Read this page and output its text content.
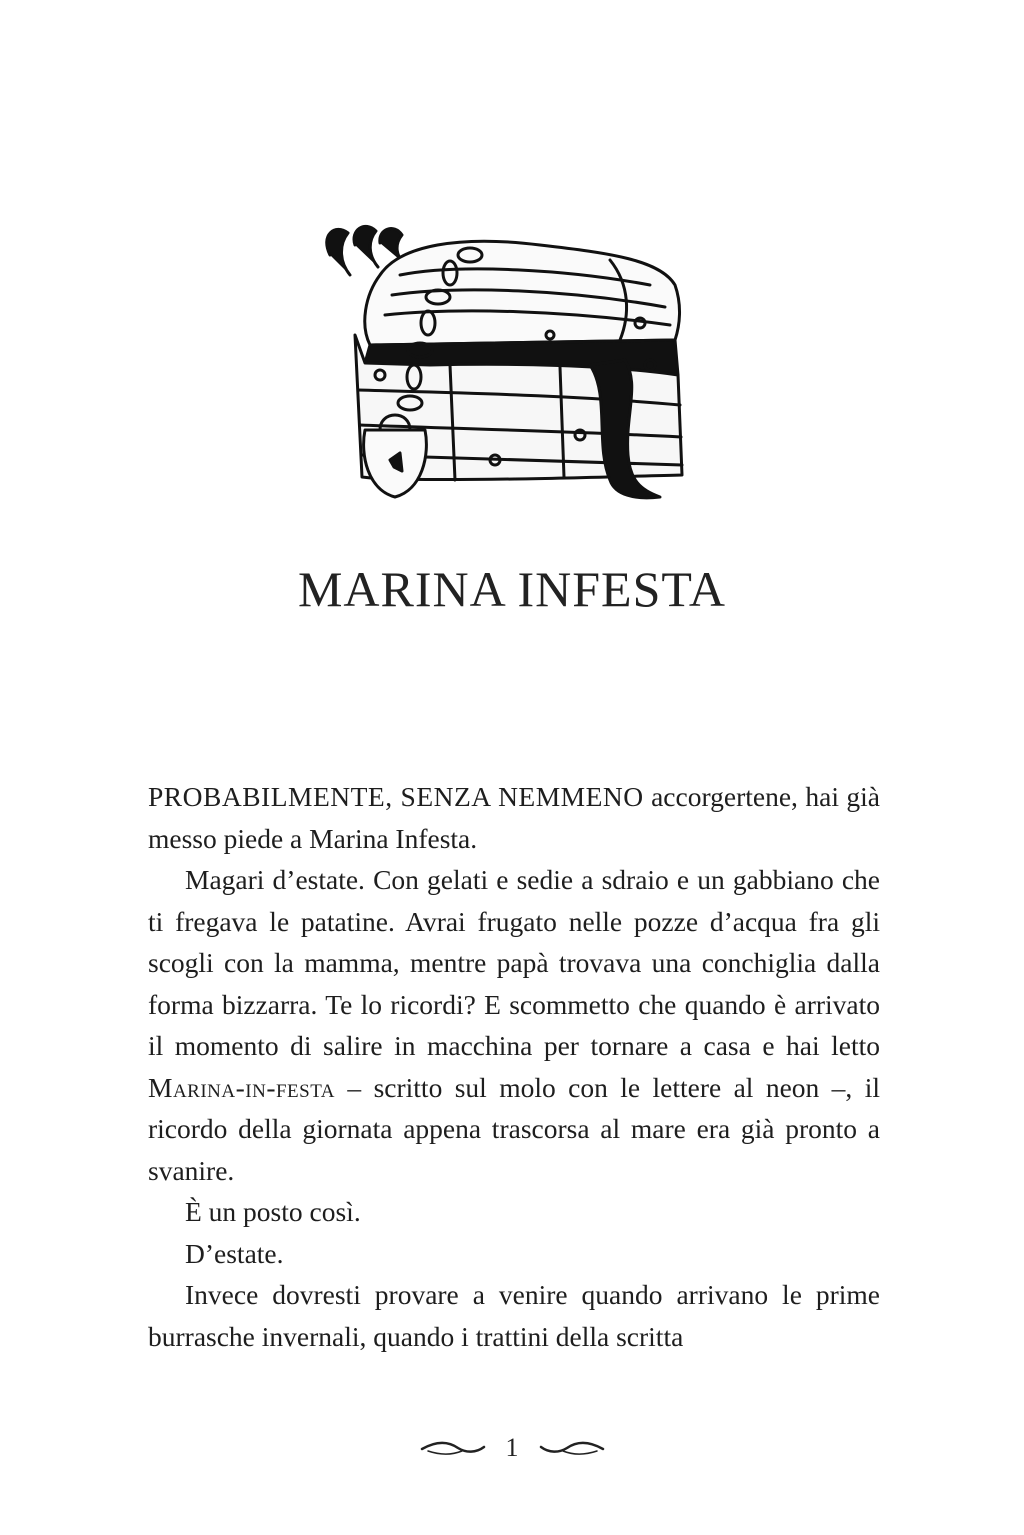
MARINA INFESTA

PROBABILMENTE, SENZA NEMMENO accorgertene, hai già messo piede a Marina Infesta.

Magari d’estate. Con gelati e sedie a sdraio e un gabbiano che ti fregava le patatine. Avrai frugato nelle pozze d’acqua fra gli scogli con la mamma, mentre papà trovava una conchiglia dalla forma bizzarra. Te lo ricordi? E scommetto che quando è arrivato il momento di salire in macchina per tornare a casa e hai letto Marina-in-festa – scritto sul molo con le lettere al neon –, il ricordo della giornata appena trascorsa al mare era già pronto a svanire.

È un posto così.

D’estate.

Invece dovresti provare a venire quando arrivano le prime burrasche invernali, quando i trattini della scritta

1
